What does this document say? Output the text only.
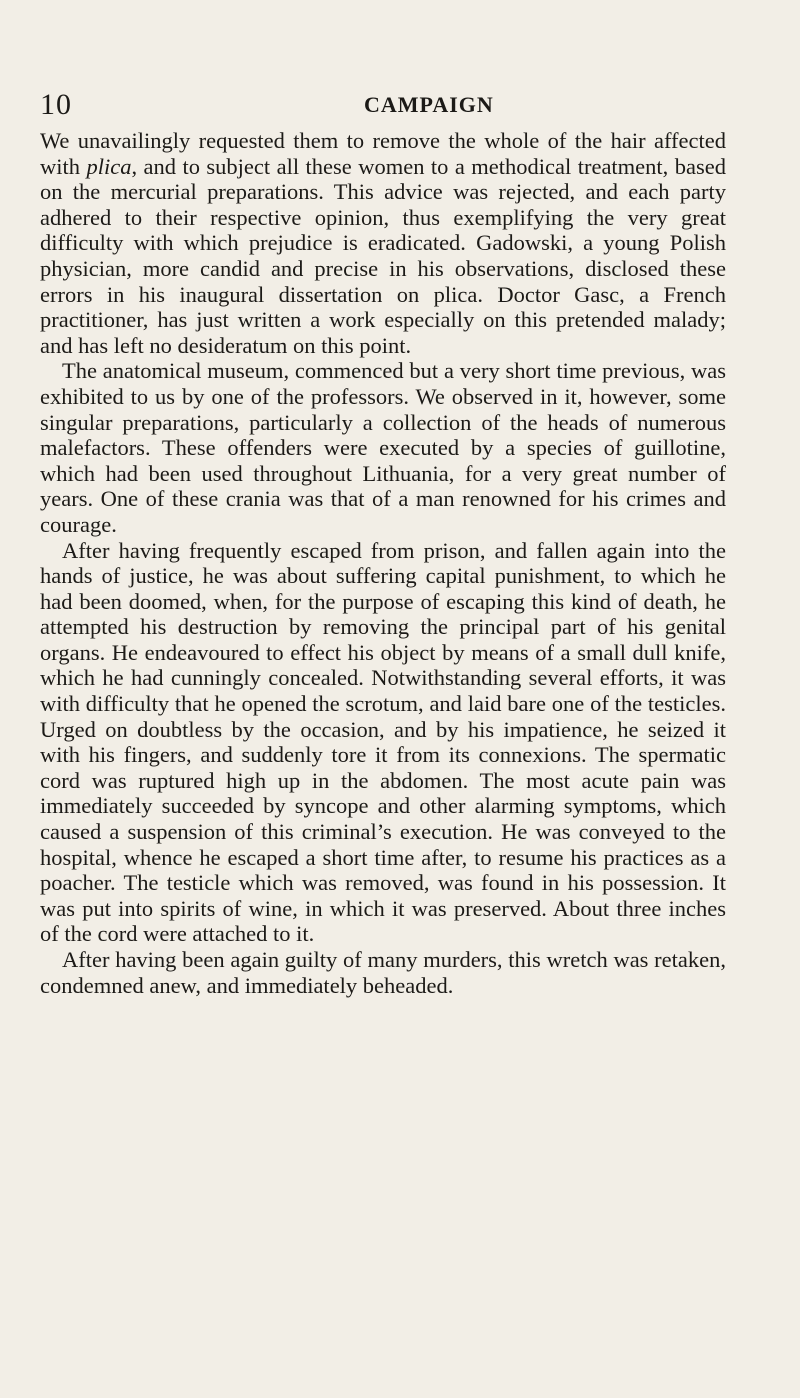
10	CAMPAIGN

We unavailingly requested them to remove the whole of the hair affected with plica, and to subject all these women to a methodical treatment, based on the mercurial preparations. This advice was rejected, and each party adhered to their respective opinion, thus exemplifying the very great difficulty with which prejudice is eradicated. Gadowski, a young Polish physician, more candid and precise in his observations, disclosed these errors in his inaugural dissertation on plica. Doctor Gasc, a French practitioner, has just written a work especially on this pretended malady; and has left no desideratum on this point.

The anatomical museum, commenced but a very short time previous, was exhibited to us by one of the professors. We observed in it, however, some singular preparations, particularly a collection of the heads of numerous malefactors. These offenders were executed by a species of guillotine, which had been used throughout Lithuania, for a very great number of years. One of these crania was that of a man renowned for his crimes and courage.

After having frequently escaped from prison, and fallen again into the hands of justice, he was about suffering capital punishment, to which he had been doomed, when, for the purpose of escaping this kind of death, he attempted his destruction by removing the principal part of his genital organs. He endeavoured to effect his object by means of a small dull knife, which he had cunningly concealed. Notwithstanding several efforts, it was with difficulty that he opened the scrotum, and laid bare one of the testicles. Urged on doubtless by the occasion, and by his impatience, he seized it with his fingers, and suddenly tore it from its connexions. The spermatic cord was ruptured high up in the abdomen. The most acute pain was immediately succeeded by syncope and other alarming symptoms, which caused a suspension of this criminal’s execution. He was conveyed to the hospital, whence he escaped a short time after, to resume his practices as a poacher. The testicle which was removed, was found in his possession. It was put into spirits of wine, in which it was preserved. About three inches of the cord were attached to it.

After having been again guilty of many murders, this wretch was retaken, condemned anew, and immediately beheaded.
